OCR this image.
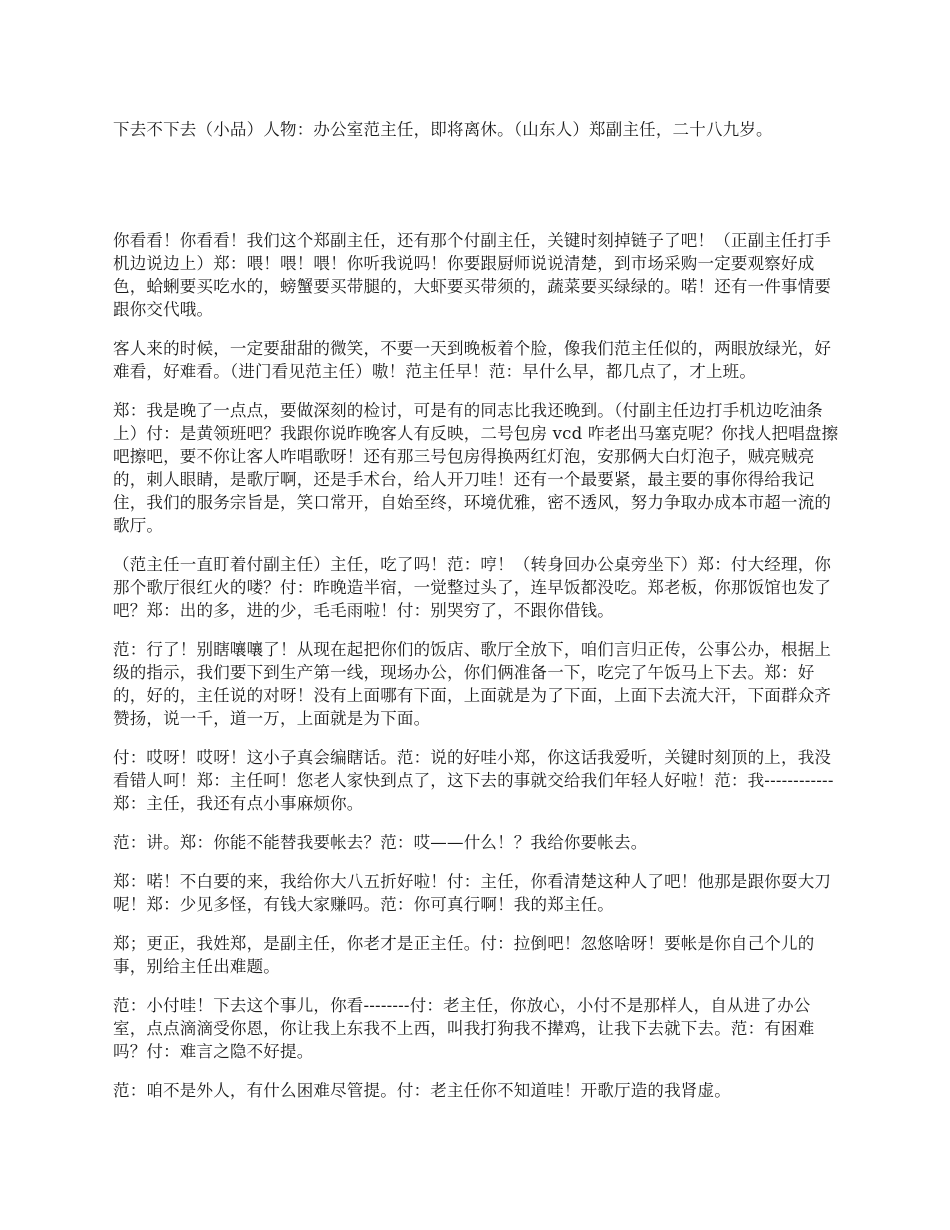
下去不下去（小品）人物：办公室范主任，即将离休。（山东人）郑副主任，二十八九岁。

你看看！你看看！我们这个郑副主任，还有那个付副主任，关键时刻掉链子了吧！（正副主任打手机边说边上）郑：喂！喂！喂！你听我说吗！你要跟厨师说说清楚，到市场采购一定要观察好成色，蛤蜊要买吃水的，螃蟹要买带腿的，大虾要买带须的，蔬菜要买绿绿的。喏！还有一件事情要跟你交代哦。

客人来的时候，一定要甜甜的微笑，不要一天到晚板着个脸，像我们范主任似的，两眼放绿光，好难看，好难看。（进门看见范主任）嗷！范主任早！范：早什么早，都几点了，才上班。

郑：我是晚了一点点，要做深刻的检讨，可是有的同志比我还晚到。（付副主任边打手机边吃油条上）付：是黄领班吧？我跟你说昨晚客人有反映，二号包房 vcd 咋老出马塞克呢？你找人把唱盘擦吧擦吧，要不你让客人咋唱歌呀！还有那三号包房得换两红灯泡，安那俩大白灯泡子，贼亮贼亮的，刺人眼睛，是歌厅啊，还是手术台，给人开刀哇！还有一个最要紧，最主要的事你得给我记住，我们的服务宗旨是，笑口常开，自始至终，环境优雅，密不透风，努力争取办成本市超一流的歌厅。

（范主任一直盯着付副主任）主任，吃了吗！范：哼！（转身回办公桌旁坐下）郑：付大经理，你那个歌厅很红火的喽？付：昨晚造半宿，一觉整过头了，连早饭都没吃。郑老板，你那饭馆也发了吧？郑：出的多，进的少，毛毛雨啦！付：别哭穷了，不跟你借钱。

范：行了！别瞎嚷嚷了！从现在起把你们的饭店、歌厅全放下，咱们言归正传，公事公办，根据上级的指示，我们要下到生产第一线，现场办公，你们俩准备一下，吃完了午饭马上下去。郑：好的，好的，主任说的对呀！没有上面哪有下面，上面就是为了下面，上面下去流大汗，下面群众齐赞扬，说一千，道一万，上面就是为下面。

付：哎呀！哎呀！这小子真会编瞎话。范：说的好哇小郑，你这话我爱听，关键时刻顶的上，我没看错人呵！郑：主任呵！您老人家快到点了，这下去的事就交给我们年轻人好啦！范：我------------郑：主任，我还有点小事麻烦你。

范：讲。郑：你能不能替我要帐去？范：哎——什么！？我给你要帐去。

郑：喏！不白要的来，我给你大八五折好啦！付：主任，你看清楚这种人了吧！他那是跟你耍大刀呢！郑：少见多怪，有钱大家赚吗。范：你可真行啊！我的郑主任。

郑；更正，我姓郑，是副主任，你老才是正主任。付：拉倒吧！忽悠啥呀！要帐是你自己个儿的事，别给主任出难题。

范：小付哇！下去这个事儿，你看--------付：老主任，你放心，小付不是那样人，自从进了办公室，点点滴滴受你恩，你让我上东我不上西，叫我打狗我不撵鸡，让我下去就下去。范：有困难吗？付：难言之隐不好提。

范：咱不是外人，有什么困难尽管提。付：老主任你不知道哇！开歌厅造的我肾虚。
